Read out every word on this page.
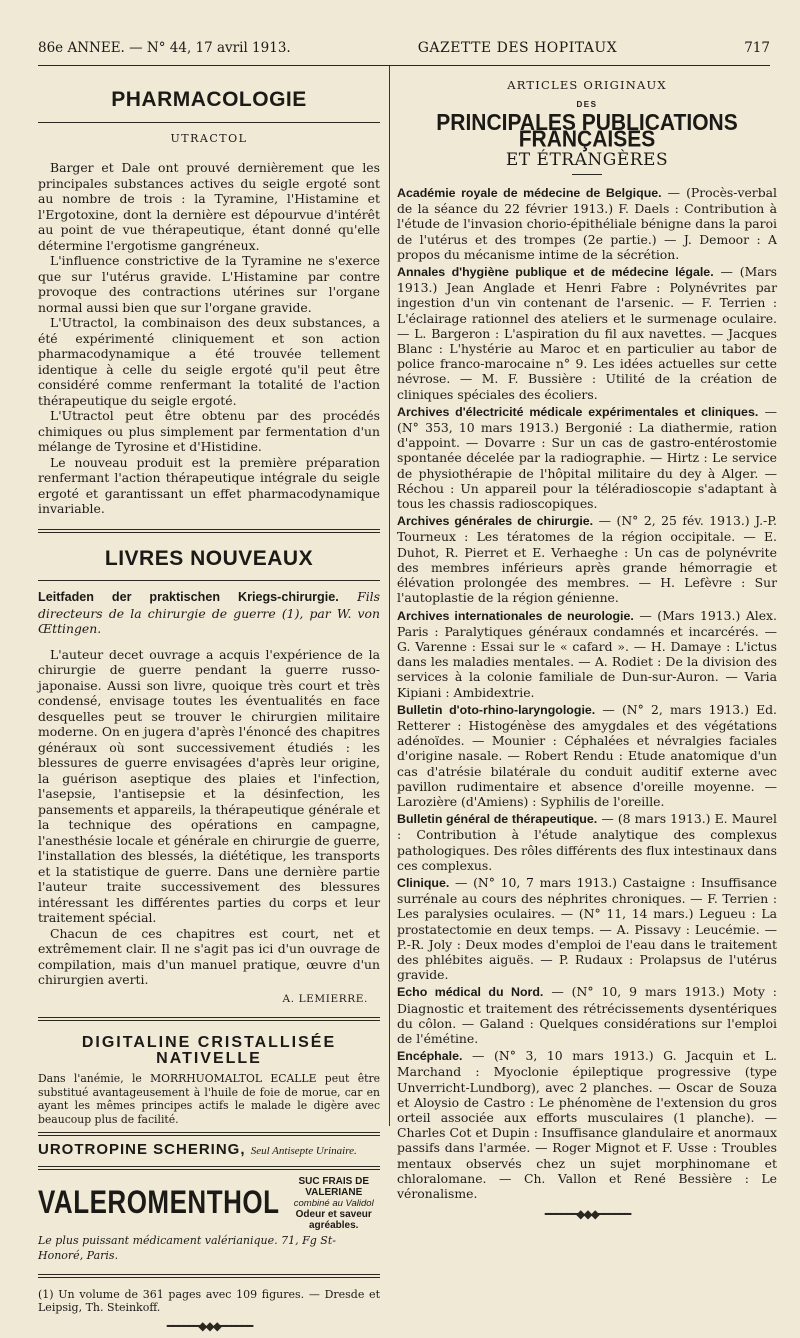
86e ANNEE. — N° 44, 17 avril 1913.	GAZETTE DES HOPITAUX	717
PHARMACOLOGIE
UTRACTOL

Barger et Dale ont prouvé dernièrement que les principales substances actives du seigle ergoté sont au nombre de trois : la Tyramine, l'Histamine et l'Ergotoxine, dont la dernière est dépourvue d'intérêt au point de vue thérapeutique, étant donné qu'elle détermine l'ergotisme gangréneux.

L'influence constrictive de la Tyramine ne s'exerce que sur l'utérus gravide. L'Histamine par contre provoque des contractions utérines sur l'organe normal aussi bien que sur l'organe gravide.

L'Utractol, la combinaison des deux substances, a été expérimenté cliniquement et son action pharmacodynamique a été trouvée tellement identique à celle du seigle ergoté qu'il peut être considéré comme renfermant la totalité de l'action thérapeutique du seigle ergoté.

L'Utractol peut être obtenu par des procédés chimiques ou plus simplement par fermentation d'un mélange de Tyrosine et d'Histidine.

Le nouveau produit est la première préparation renfermant l'action thérapeutique intégrale du seigle ergoté et garantissant un effet pharmacodynamique invariable.

LIVRES NOUVEAUX

Leitfaden der praktischen Kriegs-chirurgie. Fils directeurs de la chirurgie de guerre (1), par W. von Œttingen.

L'auteur decet ouvrage a acquis l'expérience de la chirurgie de guerre pendant la guerre russo-japonaise. Aussi son livre, quoique très court et très condensé, envisage toutes les éventualités en face desquelles peut se trouver le chirurgien militaire moderne. On en jugera d'après l'énoncé des chapitres généraux où sont successivement étudiés : les blessures de guerre envisagées d'après leur origine, la guérison aseptique des plaies et l'infection, l'asepsie, l'antisepsie et la désinfection, les pansements et appareils, la thérapeutique générale et la technique des opérations en campagne, l'anesthésie locale et générale en chirurgie de guerre, l'installation des blessés, la diététique, les transports et la statistique de guerre. Dans une dernière partie l'auteur traite successivement des blessures intéressant les différentes parties du corps et leur traitement spécial.

Chacun de ces chapitres est court, net et extrêmement clair. Il ne s'agit pas ici d'un ouvrage de compilation, mais d'un manuel pratique, œuvre d'un chirurgien averti.

A. LEMIERRE.
DIGITALINE CRISTALLISÉE NATIVELLE
Dans l'anémie, le MORRHUOMALTOL ECALLE peut être substitué avantageusement à l'huile de foie de morue, car en ayant les mêmes principes actifs le malade le digère avec beaucoup plus de facilité.
UROTROPINE SCHERING, Seul Antisepte Urinaire.
VALEROMENTHOL
SUC FRAIS DE VALERIANE
combiné au Validol
Odeur et saveur agréables.
Le plus puissant médicament valérianique. 71, Fg St-Honoré, Paris.
(1) Un volume de 361 pages avec 109 figures. — Dresde et Leipsig, Th. Steinkoff.
━━━━━━◆◆◆━━━━━━
ARTICLES ORIGINAUX
DES
PRINCIPALES PUBLICATIONS FRANÇAISES
ET ÉTRANGÈRES
Académie royale de médecine de Belgique. — (Procès-verbal de la séance du 22 février 1913.) F. Daels : Contribution à l'étude de l'invasion chorio-épithéliale bénigne dans la paroi de l'utérus et des trompes (2e partie.) — J. Demoor : A propos du mécanisme intime de la sécrétion.
Annales d'hygiène publique et de médecine légale. — (Mars 1913.) Jean Anglade et Henri Fabre : Polynévrites par ingestion d'un vin contenant de l'arsenic. — F. Terrien : L'éclairage rationnel des ateliers et le surmenage oculaire. — L. Bargeron : L'aspiration du fil aux navettes. — Jacques Blanc : L'hystérie au Maroc et en particulier au tabor de police franco-marocaine n° 9. Les idées actuelles sur cette névrose. — M. F. Bussière : Utilité de la création de cliniques spéciales des écoliers.
Archives d'électricité médicale expérimentales et cliniques. — (N° 353, 10 mars 1913.) Bergonié : La diathermie, ration d'appoint. — Dovarre : Sur un cas de gastro-entérostomie spontanée décelée par la radiographie. — Hirtz : Le service de physiothérapie de l'hôpital militaire du dey à Alger. — Réchou : Un appareil pour la téléradioscopie s'adaptant à tous les chassis radioscopiques.
Archives générales de chirurgie. — (N° 2, 25 fév. 1913.) J.-P. Tourneux : Les tératomes de la région occipitale. — E. Duhot, R. Pierret et E. Verhaeghe : Un cas de polynévrite des membres inférieurs après grande hémorragie et élévation prolongée des membres. — H. Lefèvre : Sur l'autoplastie de la région génienne.
Archives internationales de neurologie. — (Mars 1913.) Alex. Paris : Paralytiques généraux condamnés et incarcérés. — G. Varenne : Essai sur le « cafard ». — H. Damaye : L'ictus dans les maladies mentales. — A. Rodiet : De la division des services à la colonie familiale de Dun-sur-Auron. — Varia Kipiani : Ambidextrie.
Bulletin d'oto-rhino-laryngologie. — (N° 2, mars 1913.) Ed. Retterer : Histogénèse des amygdales et des végétations adénoïdes. — Mounier : Céphalées et névralgies faciales d'origine nasale. — Robert Rendu : Etude anatomique d'un cas d'atrésie bilatérale du conduit auditif externe avec pavillon rudimentaire et absence d'oreille moyenne. — Larozière (d'Amiens) : Syphilis de l'oreille.
Bulletin général de thérapeutique. — (8 mars 1913.) E. Maurel : Contribution à l'étude analytique des complexus pathologiques. Des rôles différents des flux intestinaux dans ces complexus.
Clinique. — (N° 10, 7 mars 1913.) Castaigne : Insuffisance surrénale au cours des néphrites chroniques. — F. Terrien : Les paralysies oculaires. — (N° 11, 14 mars.) Legueu : La prostatectomie en deux temps. — A. Pissavy : Leucémie. — P.-R. Joly : Deux modes d'emploi de l'eau dans le traitement des phlébites aiguës. — P. Rudaux : Prolapsus de l'utérus gravide.
Echo médical du Nord. — (N° 10, 9 mars 1913.) Moty : Diagnostic et traitement des rétrécissements dysentériques du côlon. — Galand : Quelques considérations sur l'emploi de l'émétine.
Encéphale. — (N° 3, 10 mars 1913.) G. Jacquin et L. Marchand : Myoclonie épileptique progressive (type Unverricht-Lundborg), avec 2 planches. — Oscar de Souza et Aloysio de Castro : Le phénomène de l'extension du gros orteil associée aux efforts musculaires (1 planche). — Charles Cot et Dupin : Insuffisance glandulaire et anormaux passifs dans l'armée. — Roger Mignot et F. Usse : Troubles mentaux observés chez un sujet morphinomane et chloralomane. — Ch. Vallon et René Bessière : Le véronalisme.
━━━━━━◆◆◆━━━━━━
